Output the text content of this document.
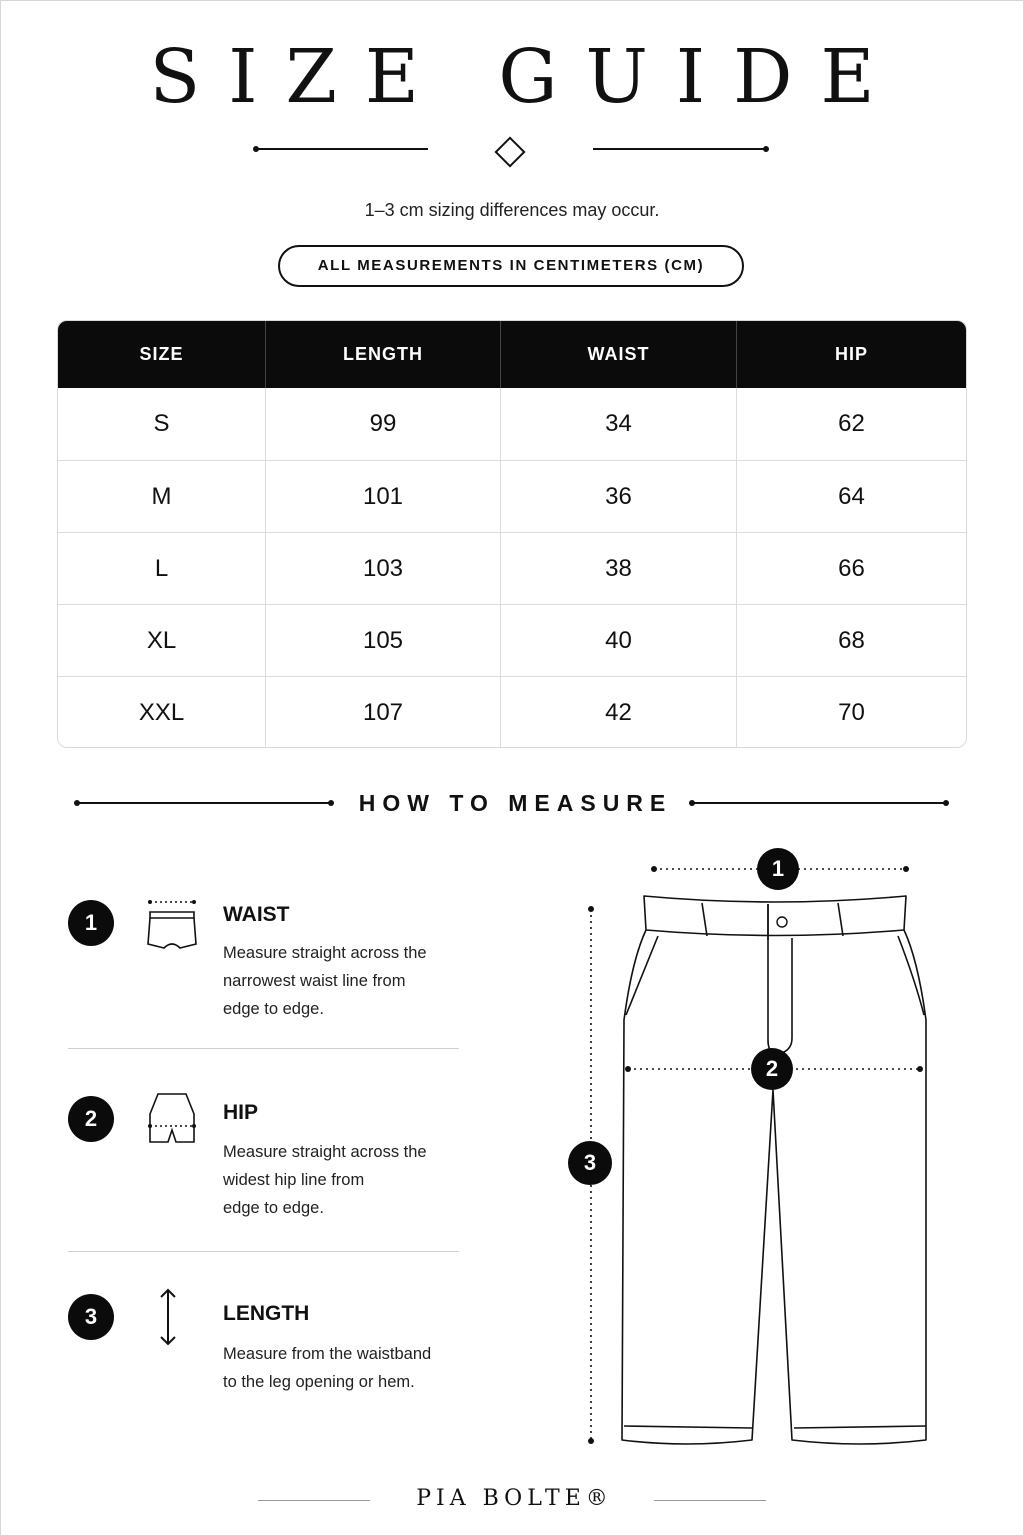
SIZE GUIDE
1–3 cm sizing differences may occur.
ALL MEASUREMENTS IN CENTIMETERS (CM)
SIZE	LENGTH	WAIST	HIP
S	99	34	62
M	101	36	64
L	103	38	66
XL	105	40	68
XXL	107	42	70
HOW TO MEASURE
1	WAIST
Measure straight across the
narrowest waist line from
edge to edge.
2	HIP
Measure straight across the
widest hip line from
edge to edge.
3	LENGTH
Measure from the waistband
to the leg opening or hem.
1
2
3
PIA BOLTE®
